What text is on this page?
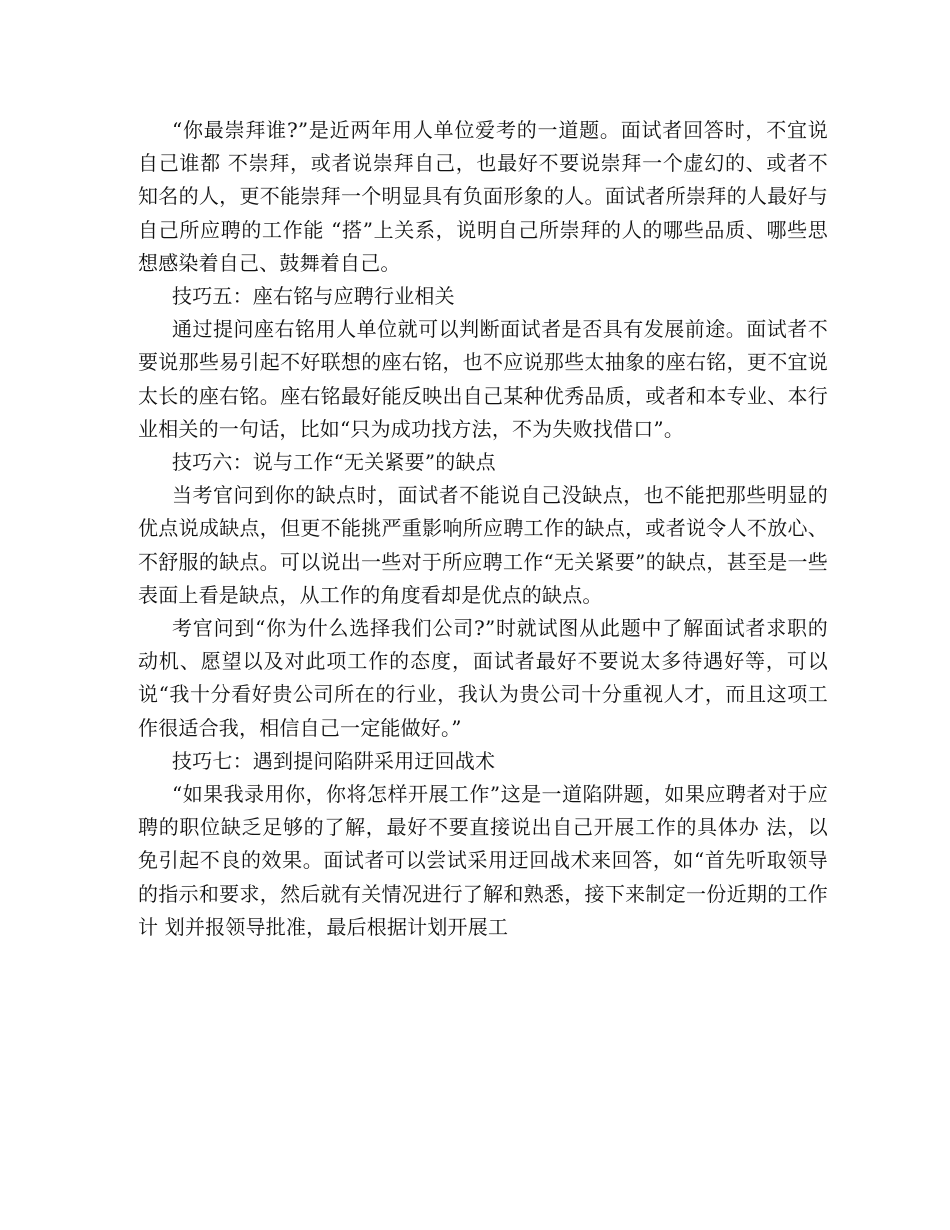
“你最崇拜谁?”是近两年用人单位爱考的一道题。面试者回答时，不宜说自己谁都 不崇拜，或者说崇拜自己，也最好不要说崇拜一个虚幻的、或者不知名的人，更不能崇拜一个明显具有负面形象的人。面试者所崇拜的人最好与自己所应聘的工作能 “搭”上关系，说明自己所崇拜的人的哪些品质、哪些思想感染着自己、鼓舞着自己。

技巧五：座右铭与应聘行业相关

通过提问座右铭用人单位就可以判断面试者是否具有发展前途。面试者不要说那些易引起不好联想的座右铭，也不应说那些太抽象的座右铭，更不宜说太长的座右铭。座右铭最好能反映出自己某种优秀品质，或者和本专业、本行业相关的一句话，比如“只为成功找方法，不为失败找借口”。

技巧六：说与工作“无关紧要”的缺点

当考官问到你的缺点时，面试者不能说自己没缺点，也不能把那些明显的优点说成缺点，但更不能挑严重影响所应聘工作的缺点，或者说令人不放心、不舒服的缺点。可以说出一些对于所应聘工作“无关紧要”的缺点，甚至是一些表面上看是缺点，从工作的角度看却是优点的缺点。

考官问到“你为什么选择我们公司?”时就试图从此题中了解面试者求职的动机、愿望以及对此项工作的态度，面试者最好不要说太多待遇好等，可以说“我十分看好贵公司所在的行业，我认为贵公司十分重视人才，而且这项工作很适合我，相信自己一定能做好。”

技巧七：遇到提问陷阱采用迂回战术

“如果我录用你，你将怎样开展工作”这是一道陷阱题，如果应聘者对于应聘的职位缺乏足够的了解，最好不要直接说出自己开展工作的具体办 法，以免引起不良的效果。面试者可以尝试采用迂回战术来回答，如“首先听取领导的指示和要求，然后就有关情况进行了解和熟悉，接下来制定一份近期的工作计 划并报领导批准，最后根据计划开展工
